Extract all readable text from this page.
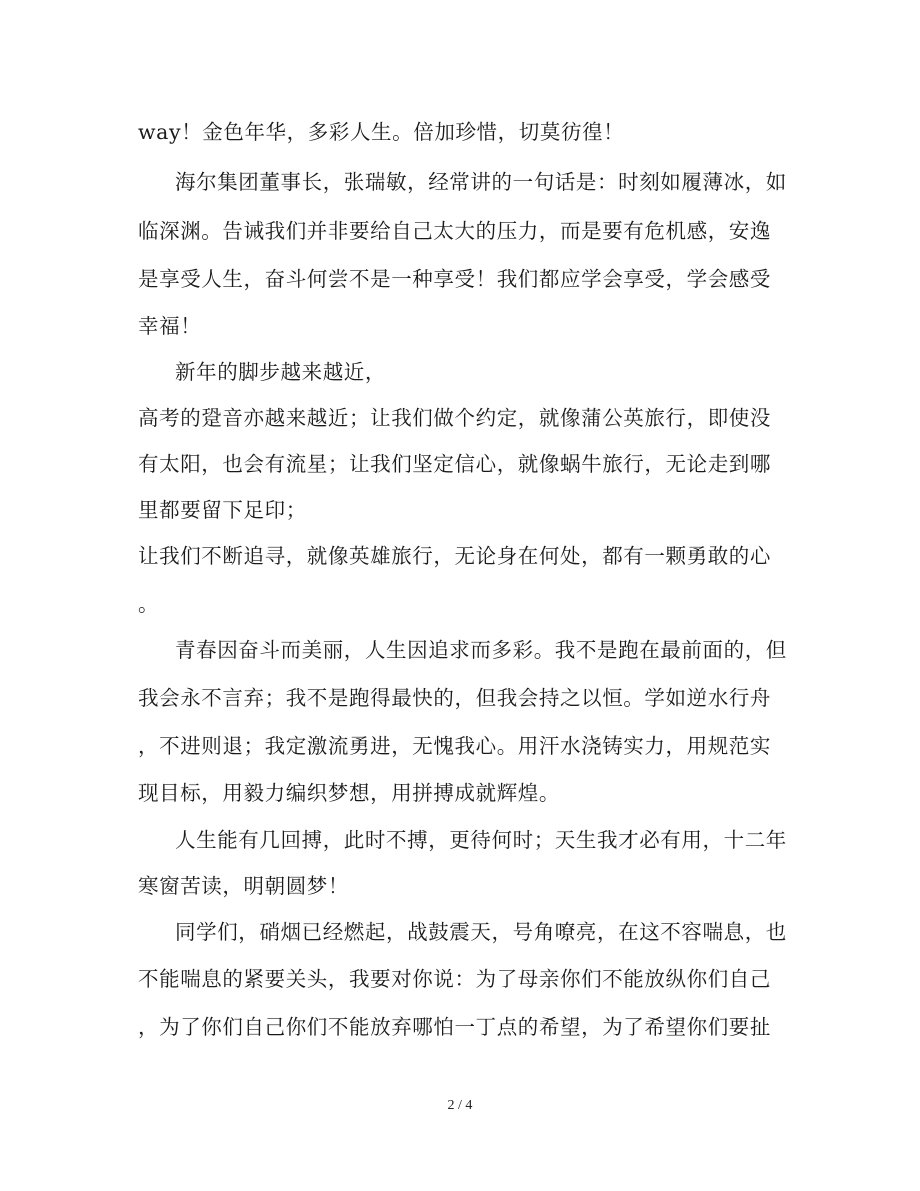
way！金色年华，多彩人生。倍加珍惜，切莫彷徨！
海尔集团董事长，张瑞敏，经常讲的一句话是：时刻如履薄冰，如
临深渊。告诫我们并非要给自己太大的压力，而是要有危机感，安逸
是享受人生，奋斗何尝不是一种享受！我们都应学会享受，学会感受
幸福！
新年的脚步越来越近，
高考的跫音亦越来越近；让我们做个约定，就像蒲公英旅行，即使没
有太阳，也会有流星；让我们坚定信心，就像蜗牛旅行，无论走到哪
里都要留下足印；
让我们不断追寻，就像英雄旅行，无论身在何处，都有一颗勇敢的心
。
青春因奋斗而美丽，人生因追求而多彩。我不是跑在最前面的，但
我会永不言弃；我不是跑得最快的，但我会持之以恒。学如逆水行舟
，不进则退；我定激流勇进，无愧我心。用汗水浇铸实力，用规范实
现目标，用毅力编织梦想，用拼搏成就辉煌。
人生能有几回搏，此时不搏，更待何时；天生我才必有用，十二年
寒窗苦读，明朝圆梦！
同学们，硝烟已经燃起，战鼓震天，号角嘹亮，在这不容喘息，也
不能喘息的紧要关头，我要对你说：为了母亲你们不能放纵你们自己
，为了你们自己你们不能放弃哪怕一丁点的希望，为了希望你们要扯
2 / 4
